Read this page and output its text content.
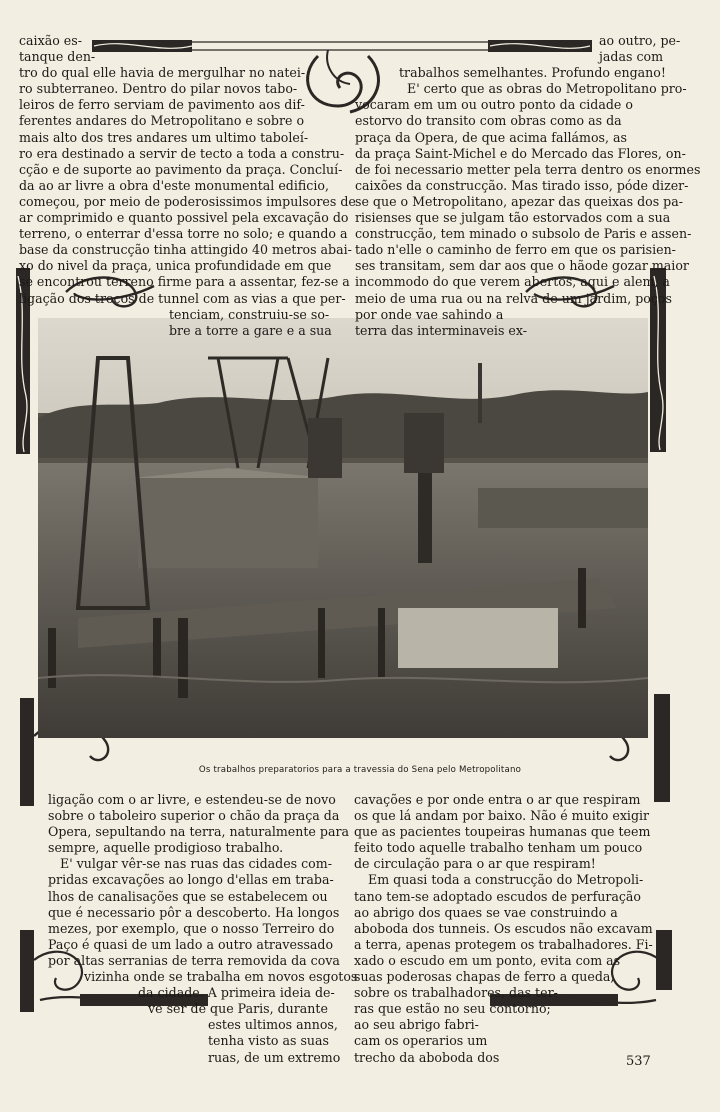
caixão es-
tanque den-
tro do qual elle havia de mergulhar no natei-
ro subterraneo. Dentro do pilar novos tabo-
leiros de ferro serviam de pavimento aos dif-
ferentes andares do Metropolitano e sobre o
mais alto dos tres andares um ultimo taboleí-
ro era destinado a servir de tecto a toda a constru-
cção e de suporte ao pavimento da praça. Concluí-
da ao ar livre a obra d'este monumental edificio,
começou, por meio de poderosissimos impulsores de
ar comprimido e quanto possivel pela excavação do
terreno, o enterrar d'essa torre no solo; e quando a
base da construcção tinha attingido 40 metros abai-
xo do nivel da praça, unica profundidade em que
se encontrou terreno firme para a assentar, fez-se a
ligação dos troços de tunnel com as vias a que per-
tenciam, construiu-se so-
bre a torre a gare e a sua
ao outro, pe-
jadas com
trabalhos semelhantes. Profundo engano!
E' certo que as obras do Metropolitano pro-
vocaram em um ou outro ponto da cidade o
estorvo do transito com obras como as da
praça da Opera, de que acima fallámos, as
da praça Saint-Michel e do Mercado das Flores, on-
de foi necessario metter pela terra dentro os enormes
caixões da construcção. Mas tirado isso, póde dizer-
se que o Metropolitano, apezar das queixas dos pa-
risienses que se julgam tão estorvados com a sua
construcção, tem minado o subsolo de Paris e assen-
tado n'elle o caminho de ferro em que os parisien-
ses transitam, sem dar aos que o hãode gozar maior
incommodo do que verem abertos, aqui e alem, a
meio de uma rua ou na relva de um jardim, poços
por onde vae sahindo a
terra das interminaveis ex-
Os trabalhos preparatorios para a travessia do Sena pelo Metropolitano
ligação com o ar livre, e estendeu-se de novo
sobre o taboleiro superior o chão da praça da
Opera, sepultando na terra, naturalmente para
sempre, aquelle prodigioso trabalho.
E' vulgar vêr-se nas ruas das cidades com-
pridas excavações ao longo d'ellas em traba-
lhos de canalisações que se estabelecem ou
que é necessario pôr a descoberto. Ha longos
mezes, por exemplo, que o nosso Terreiro do
Paço é quasi de um lado a outro atravessado
por altas serranias de terra removida da cova
vizinha onde se trabalha em novos esgotos
da cidade. A primeira ideia de-
ve ser de que Paris, durante
estes ultimos annos,
tenha visto as suas
ruas, de um extremo
cavações e por onde entra o ar que respiram
os que lá andam por baixo. Não é muito exigir
que as pacientes toupeiras humanas que teem
feito todo aquelle trabalho tenham um pouco
de circulação para o ar que respiram!
Em quasi toda a construcção do Metropoli-
tano tem-se adoptado escudos de perfuração
ao abrigo dos quaes se vae construindo a
aboboda dos tunneis. Os escudos não excavam
a terra, apenas protegem os trabalhadores. Fi-
xado o escudo em um ponto, evita com as
suas poderosas chapas de ferro a queda,
sobre os trabalhadores, das ter-
ras que estão no seu contorno;
ao seu abrigo fabri-
cam os operarios um
trecho da aboboda dos	537
